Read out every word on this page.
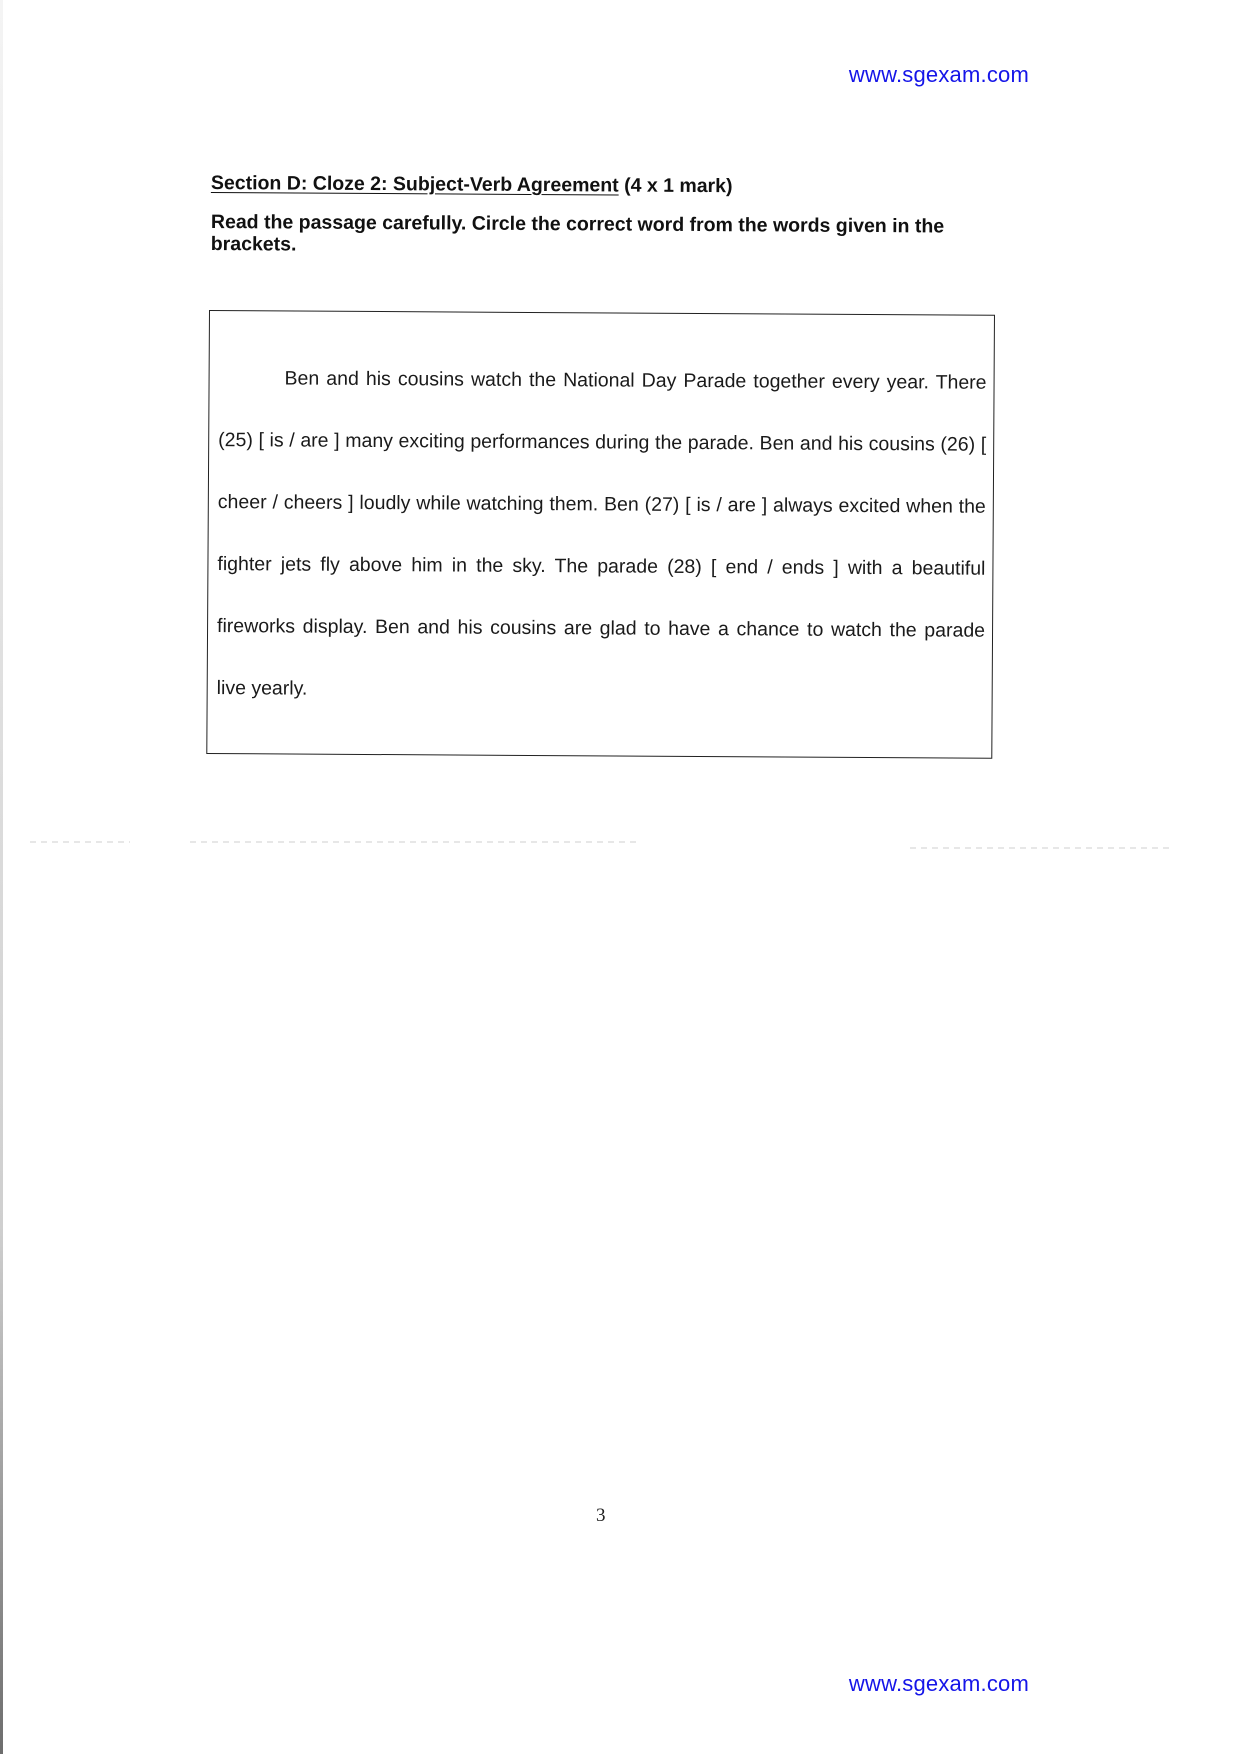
www.sgexam.com
Section D: Cloze 2: Subject-Verb Agreement (4 x 1 mark)
Read the passage carefully. Circle the correct word from the words given in the brackets.

Ben and his cousins watch the National Day Parade together every year. There (25) [ is / are ] many exciting performances during the parade. Ben and his cousins (26) [ cheer / cheers ] loudly while watching them. Ben (27) [ is / are ] always excited when the fighter jets fly above him in the sky. The parade (28) [ end / ends ] with a beautiful fireworks display. Ben and his cousins are glad to have a chance to watch the parade live yearly.

3
www.sgexam.com
